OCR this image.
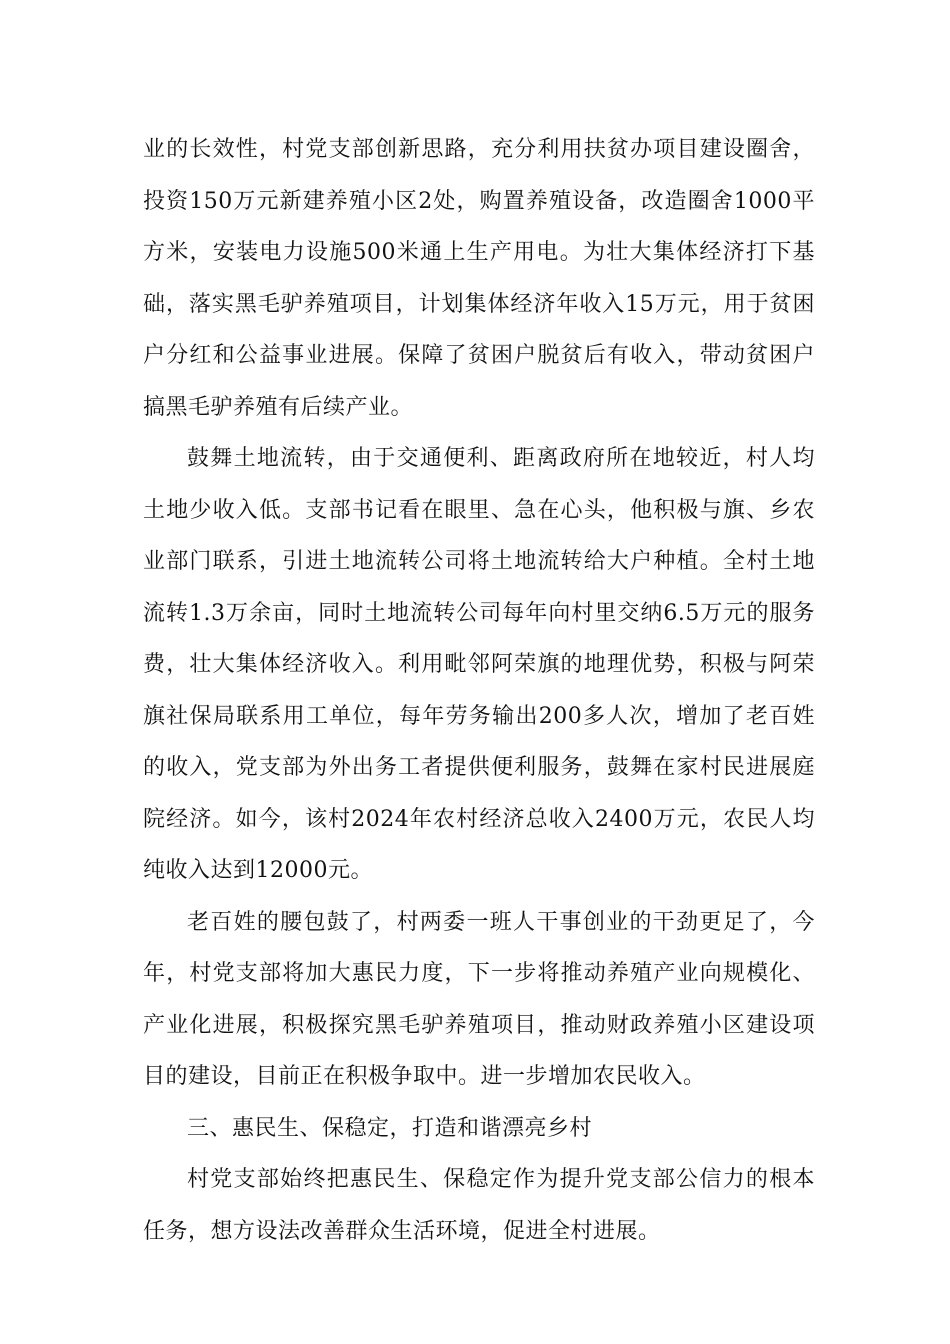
业的长效性，村党支部创新思路，充分利用扶贫办项目建设圈舍，投资150万元新建养殖小区2处，购置养殖设备，改造圈舍1000平方米，安装电力设施500米通上生产用电。为壮大集体经济打下基础，落实黑毛驴养殖项目，计划集体经济年收入15万元，用于贫困户分红和公益事业进展。保障了贫困户脱贫后有收入，带动贫困户搞黑毛驴养殖有后续产业。

鼓舞土地流转，由于交通便利、距离政府所在地较近，村人均土地少收入低。支部书记看在眼里、急在心头，他积极与旗、乡农业部门联系，引进土地流转公司将土地流转给大户种植。全村土地流转1.3万余亩，同时土地流转公司每年向村里交纳6.5万元的服务费，壮大集体经济收入。利用毗邻阿荣旗的地理优势，积极与阿荣旗社保局联系用工单位，每年劳务输出200多人次，增加了老百姓的收入，党支部为外出务工者提供便利服务，鼓舞在家村民进展庭院经济。如今，该村2024年农村经济总收入2400万元，农民人均纯收入达到12000元。

老百姓的腰包鼓了，村两委一班人干事创业的干劲更足了，今年，村党支部将加大惠民力度，下一步将推动养殖产业向规模化、产业化进展，积极探究黑毛驴养殖项目，推动财政养殖小区建设项目的建设，目前正在积极争取中。进一步增加农民收入。

三、惠民生、保稳定，打造和谐漂亮乡村

村党支部始终把惠民生、保稳定作为提升党支部公信力的根本任务，想方设法改善群众生活环境，促进全村进展。
